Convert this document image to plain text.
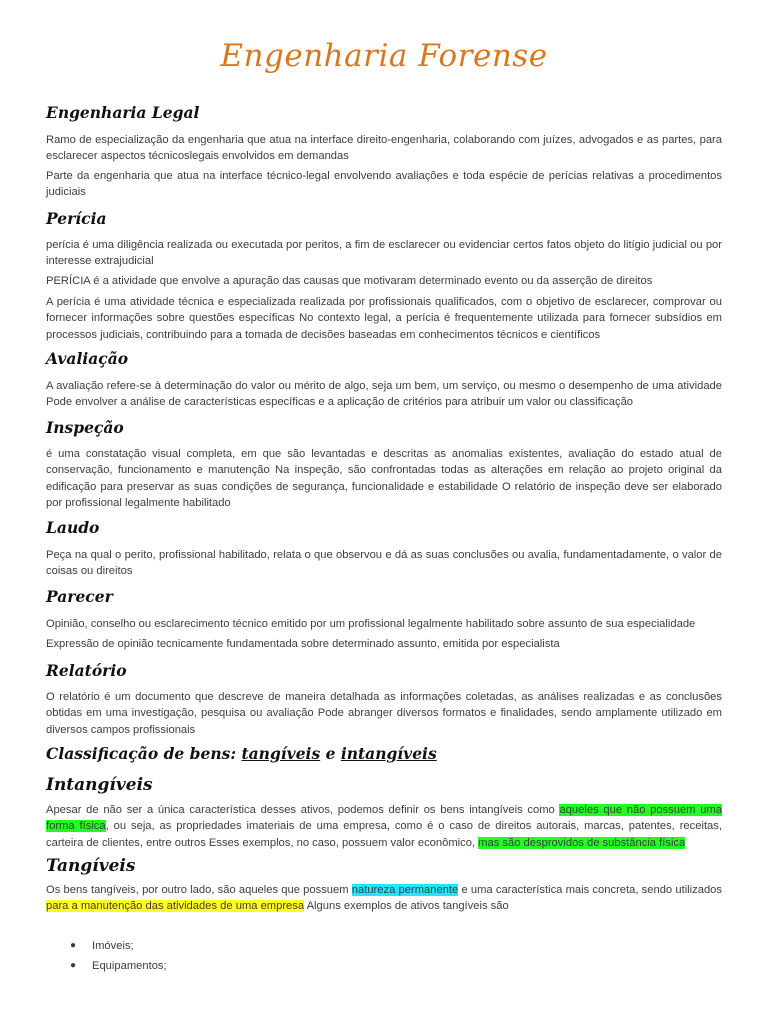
Engenharia Forense
Engenharia Legal
Ramo de especialização da engenharia que atua na interface direito-engenharia, colaborando com juízes, advogados e as partes, para esclarecer aspectos técnicoslegais envolvidos em demandas
Parte da engenharia que atua na interface técnico-legal envolvendo avaliações e toda espécie de perícias relativas a procedimentos judiciais
Perícia
perícia é uma diligência realizada ou executada por peritos, a fim de esclarecer ou evidenciar certos fatos objeto do litígio judicial ou por interesse extrajudicial
PERÍCIA é a atividade que envolve a apuração das causas que motivaram determinado evento ou da asserção de direitos
A perícia é uma atividade técnica e especializada realizada por profissionais qualificados, com o objetivo de esclarecer, comprovar ou fornecer informações sobre questões específicas No contexto legal, a perícia é frequentemente utilizada para fornecer subsídios em processos judiciais, contribuindo para a tomada de decisões baseadas em conhecimentos técnicos e científicos
Avaliação
A avaliação refere-se à determinação do valor ou mérito de algo, seja um bem, um serviço, ou mesmo o desempenho de uma atividade Pode envolver a análise de características específicas e a aplicação de critérios para atribuir um valor ou classificação
Inspeção
é uma constatação visual completa, em que são levantadas e descritas as anomalias existentes, avaliação do estado atual de conservação, funcionamento e manutenção Na inspeção, são confrontadas todas as alterações em relação ao projeto original da edificação para preservar as suas condições de segurança, funcionalidade e estabilidade O relatório de inspeção deve ser elaborado por profissional legalmente habilitado
Laudo
Peça na qual o perito, profissional habilitado, relata o que observou e dá as suas conclusões ou avalia, fundamentadamente, o valor de coisas ou direitos
Parecer
Opinião, conselho ou esclarecimento técnico emitido por um profissional legalmente habilitado sobre assunto de sua especialidade
Expressão de opinião tecnicamente fundamentada sobre determinado assunto, emitida por especialista
Relatório
O relatório é um documento que descreve de maneira detalhada as informações coletadas, as análises realizadas e as conclusões obtidas em uma investigação, pesquisa ou avaliação Pode abranger diversos formatos e finalidades, sendo amplamente utilizado em diversos campos profissionais
Classificação de bens: tangíveis e intangíveis
Intangíveis
Apesar de não ser a única característica desses ativos, podemos definir os bens intangíveis como aqueles que não possuem uma forma física, ou seja, as propriedades imateriais de uma empresa, como é o caso de direitos autorais, marcas, patentes, receitas, carteira de clientes, entre outros Esses exemplos, no caso, possuem valor econômico, mas são desprovidos de substância física
Tangíveis
Os bens tangíveis, por outro lado, são aqueles que possuem natureza permanente e uma característica mais concreta, sendo utilizados para a manutenção das atividades de uma empresa Alguns exemplos de ativos tangíveis são
● Imóveis;
● Equipamentos;
